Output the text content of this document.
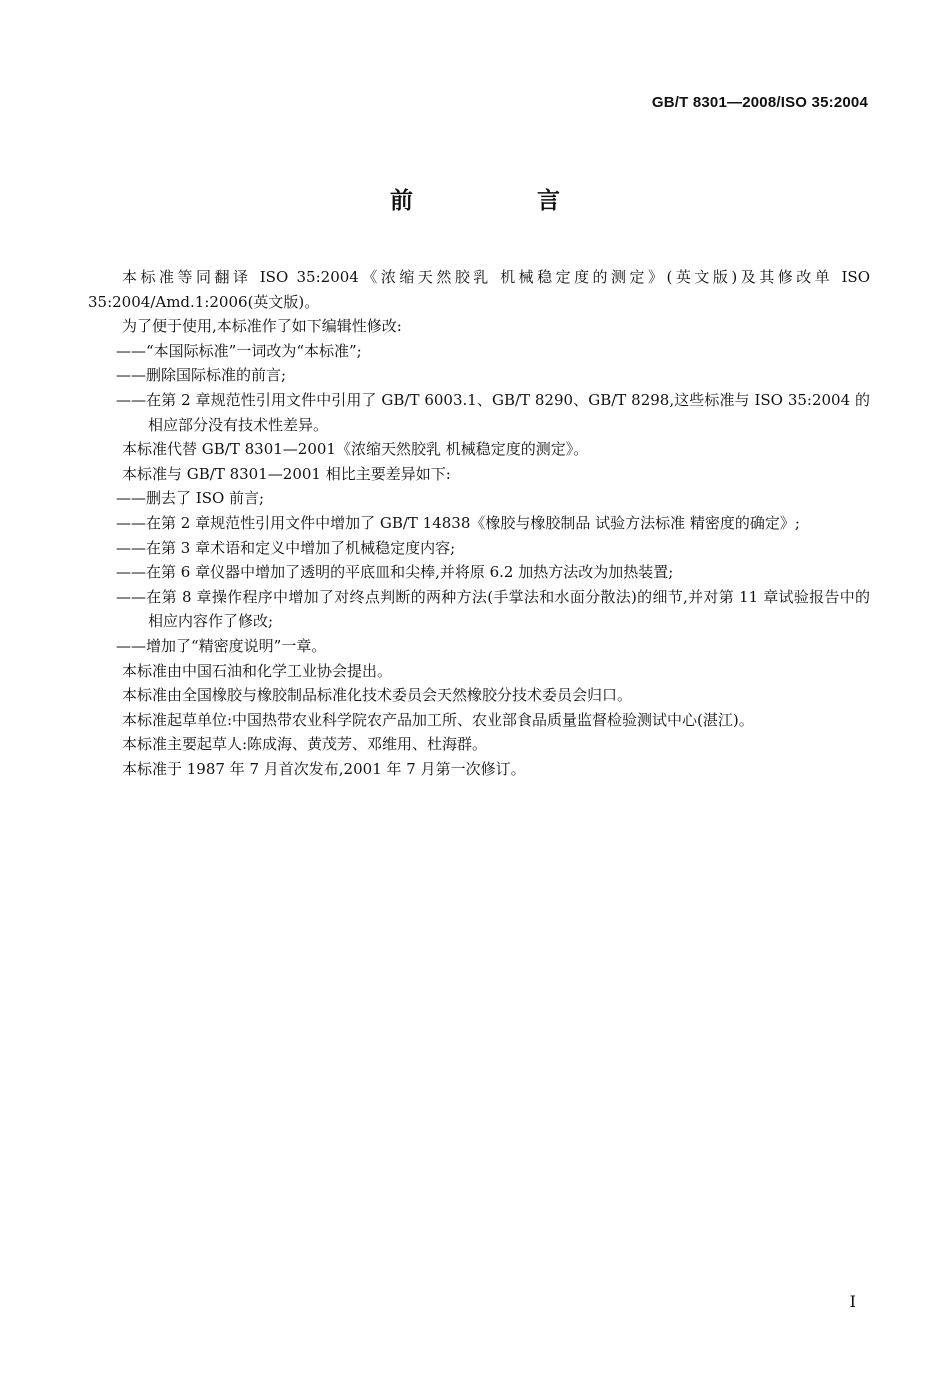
GB/T 8301—2008/ISO 35:2004
前 言

本标准等同翻译 ISO 35:2004《浓缩天然胶乳 机械稳定度的测定》(英文版)及其修改单 ISO 35:2004/Amd.1:2006(英文版)。

为了便于使用,本标准作了如下编辑性修改:

——“本国际标准”一词改为“本标准”;

——删除国际标准的前言;

——在第 2 章规范性引用文件中引用了 GB/T 6003.1、GB/T 8290、GB/T 8298,这些标准与 ISO 35:2004 的相应部分没有技术性差异。

本标准代替 GB/T 8301—2001《浓缩天然胶乳 机械稳定度的测定》。

本标准与 GB/T 8301—2001 相比主要差异如下:

——删去了 ISO 前言;

——在第 2 章规范性引用文件中增加了 GB/T 14838《橡胶与橡胶制品 试验方法标准 精密度的确定》;

——在第 3 章术语和定义中增加了机械稳定度内容;

——在第 6 章仪器中增加了透明的平底皿和尖棒,并将原 6.2 加热方法改为加热装置;

——在第 8 章操作程序中增加了对终点判断的两种方法(手掌法和水面分散法)的细节,并对第 11 章试验报告中的相应内容作了修改;

——增加了“精密度说明”一章。

本标准由中国石油和化学工业协会提出。

本标准由全国橡胶与橡胶制品标准化技术委员会天然橡胶分技术委员会归口。

本标准起草单位:中国热带农业科学院农产品加工所、农业部食品质量监督检验测试中心(湛江)。

本标准主要起草人:陈成海、黄茂芳、邓维用、杜海群。

本标准于 1987 年 7 月首次发布,2001 年 7 月第一次修订。

I
